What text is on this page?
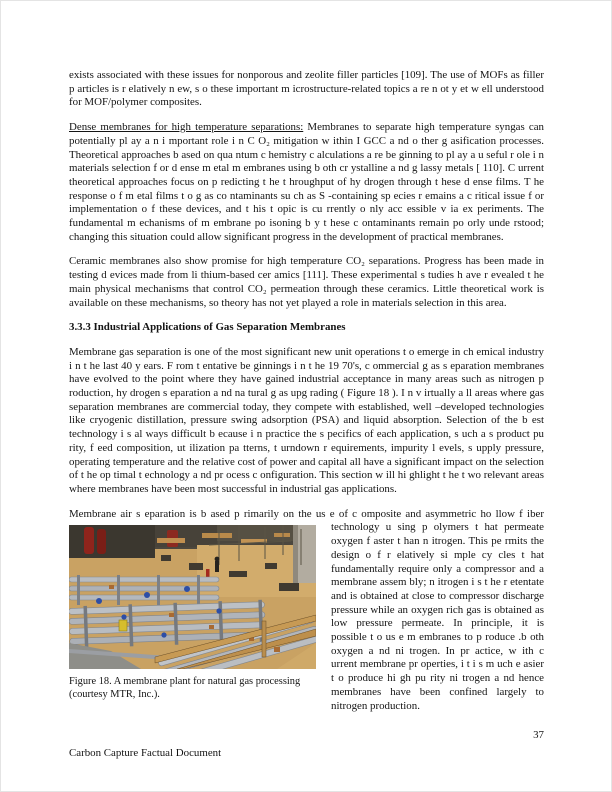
exists associated with these issues for nonporous and zeolite filler particles [109]. The use of MOFs as filler p articles is r elatively n ew, s o these important m icrostructure-related topics a re n ot y et w ell understood for MOF/polymer composites.

Dense membranes for high temperature separations: Membranes to separate high temperature syngas can potentially pl ay a n i mportant role i n C O₂ mitigation w ithin I GCC a nd o ther g asification processes. Theoretical approaches b ased on qua ntum c hemistry c alculations a re be ginning to pl ay a u seful r ole i n materials selection f or d ense m etal m embranes using b oth cr ystalline a nd g lassy metals [ 110]. C urrent theoretical approaches focus on p redicting t he t hroughput of hy drogen through t hese d ense films. T he response o f m etal films t o g as co ntaminants su ch as S -containing sp ecies r emains a c ritical issue f or implementation o f these devices, and t his t opic is cu rrently o nly acc essible v ia ex periments. The fundamental m echanisms of m embrane po isoning b y t hese c ontaminants remain po orly unde rstood; changing this situation could allow significant progress in the development of practical membranes.

Ceramic membranes also show promise for high temperature CO₂ separations. Progress has been made in testing d evices made from li thium-based cer amics [111]. These experimental s tudies h ave r evealed t he main physical mechanisms that control CO₂ permeation through these ceramics. Little theoretical work is available on these mechanisms, so theory has not yet played a role in materials selection in this area.

3.3.3 Industrial Applications of Gas Separation Membranes

Membrane gas separation is one of the most significant new unit operations t o emerge in ch emical industry i n t he last 40 y ears. F rom t entative be ginnings i n t he 19 70's, c ommercial g as s eparation membranes have evolved to the point where they have gained industrial acceptance in many areas such as nitrogen p roduction, hy drogen s eparation a nd na tural g as upg rading ( Figure 18 ). I n v irtually a ll areas where gas separation membranes are commercial today, they compete with established, well –developed technologies like cryogenic distillation, pressure swing adsorption (PSA) and liquid absorption. Selection of the b est technology i s al ways difficult b ecause i n practice the s pecifics of each application, s uch a s product pu rity, f eed composition, ut ilization pa tterns, t urndown r equirements, impurity l evels, s upply pressure, operating temperature and the relative cost of power and capital all have a significant impact on the selection of t he op timal t echnology a nd pr ocess c onfiguration. This section w ill hi ghlight t he t wo relevant areas where membranes have been most successful in industrial gas applications.

Membrane air s eparation is b ased p rimarily on the us e of c omposite and asymmetric ho llow f iber
Figure 18. A membrane plant for natural gas processing (courtesy MTR, Inc.).
technology u sing p olymers t hat permeate oxygen f aster t han n itrogen. This pe rmits the design o f r elatively si mple cy cles t hat fundamentally require only a compressor and a membrane assem bly; n itrogen i s t he r etentate and is obtained at close to compressor discharge pressure while an oxygen rich gas is obtained as low pressure permeate. In principle, it is possible t o us e m embranes to p roduce .b oth oxygen a nd ni trogen. In pr actice, w ith c urrent membrane pr operties, i t i s m uch e asier t o produce hi gh pu rity ni trogen a nd hence membranes have been confined largely to nitrogen production.

37
Carbon Capture Factual Document
